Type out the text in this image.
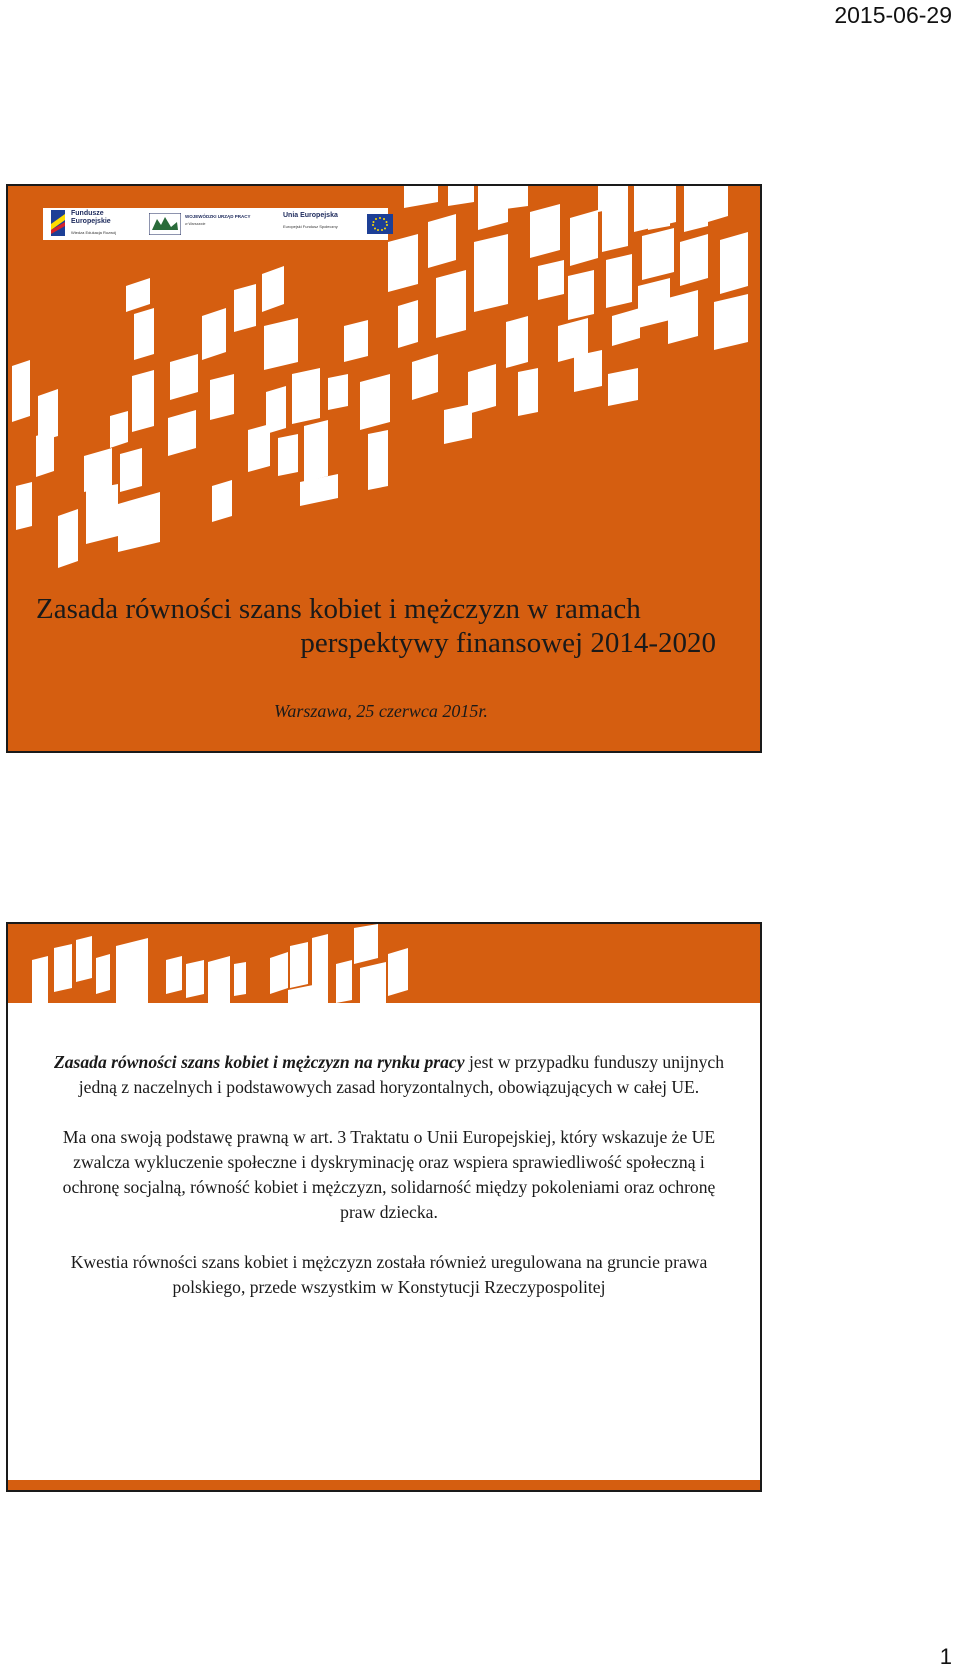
2015-06-29
Fundusze Europejskie
Wiedza Edukacja Rozwój
WOJEWÓDZKI URZĄD PRACY
w Warszawie
Unia Europejska
Europejski Fundusz Społeczny
Zasada równości szans kobiet i mężczyzn w ramach
perspektywy finansowej 2014-2020
Warszawa, 25 czerwca 2015r.

Zasada równości szans kobiet i mężczyzn na rynku pracy jest w przypadku funduszy unijnych jedną z naczelnych i podstawowych zasad horyzontalnych, obowiązujących w całej UE.

Ma ona swoją podstawę prawną w art. 3 Traktatu o Unii Europejskiej, który wskazuje że UE zwalcza wykluczenie społeczne i dyskryminację oraz wspiera sprawiedliwość społeczną i ochronę socjalną, równość kobiet i mężczyzn, solidarność między pokoleniami oraz ochronę praw dziecka.

Kwestia równości szans kobiet i mężczyzn została również uregulowana na gruncie prawa polskiego, przede wszystkim w Konstytucji Rzeczypospolitej

1
